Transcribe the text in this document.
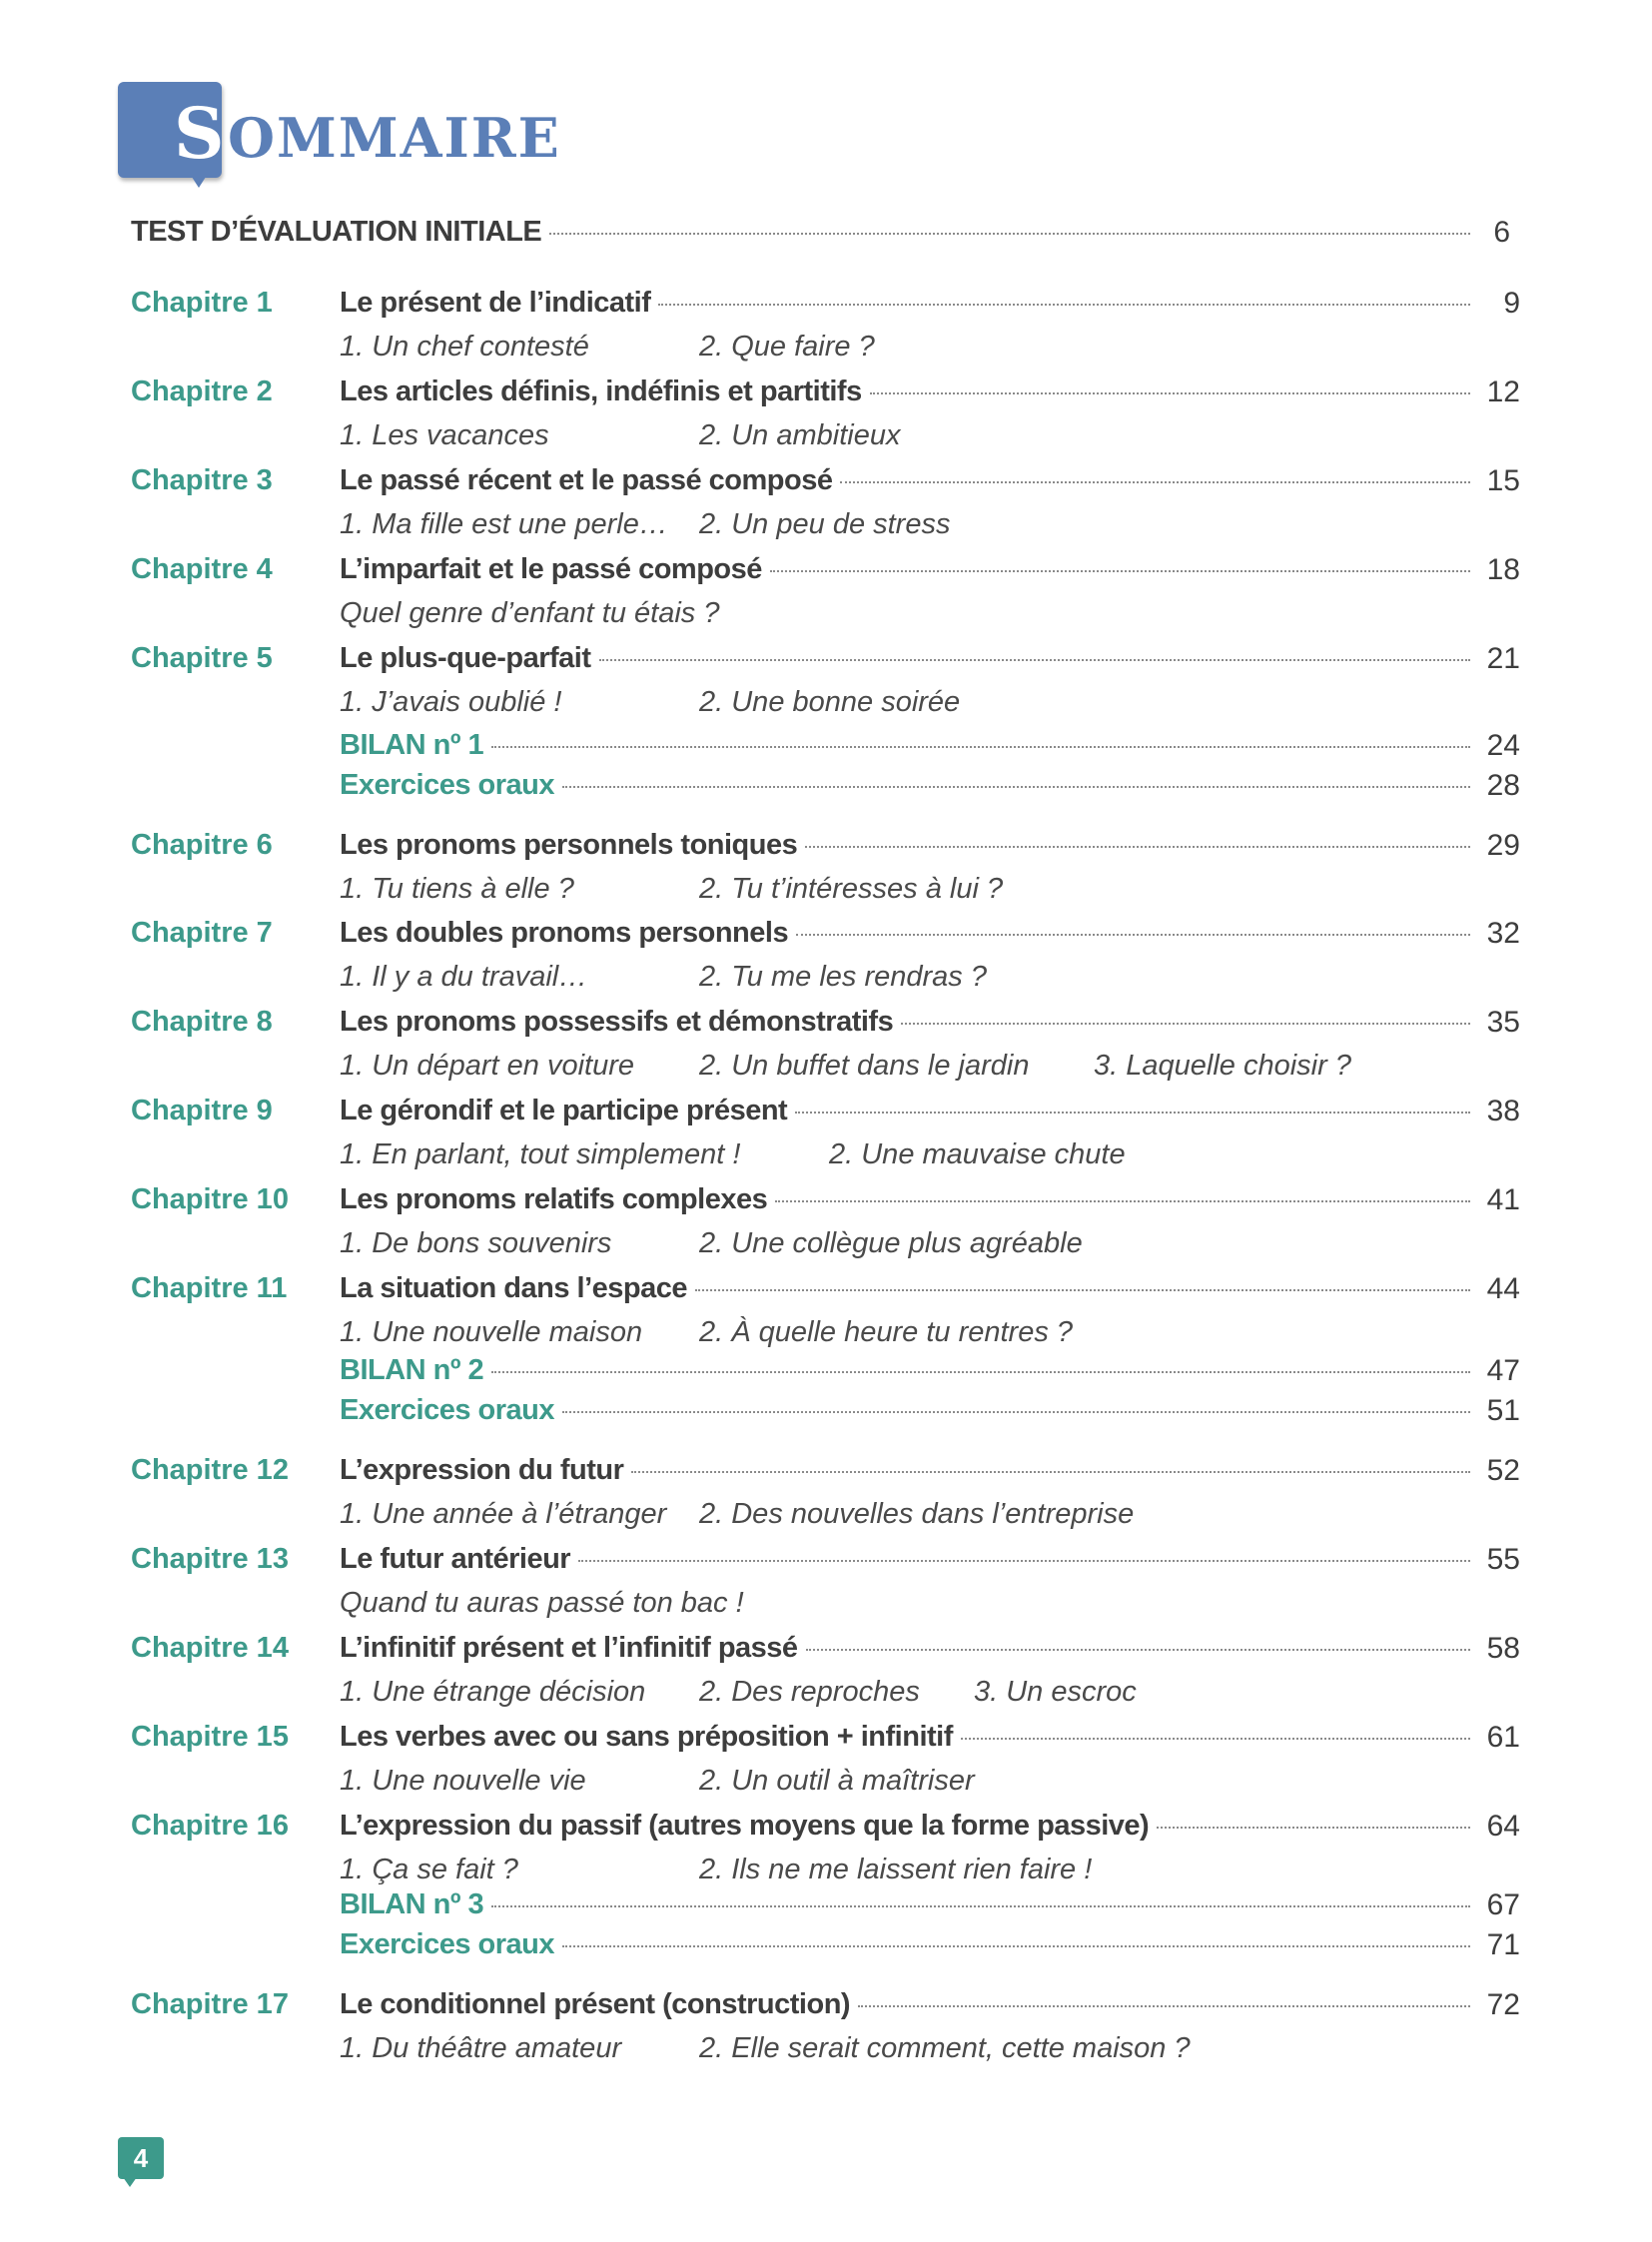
S OMMAIRE
TEST D’ÉVALUATION INITIALE	6
Chapitre 1 Le présent de l’indicatif	9
1. Un chef contesté	2. Que faire ?
Chapitre 2 Les articles définis, indéfinis et partitifs	12
1. Les vacances	2. Un ambitieux
Chapitre 3 Le passé récent et le passé composé	15
1. Ma fille est une perle… 2. Un peu de stress
Chapitre 4 L’imparfait et le passé composé	18
Quel genre d’enfant tu étais ?
Chapitre 5 Le plus-que-parfait	21
1. J’avais oublié !	2. Une bonne soirée
BILAN nº 1	24
Exercices oraux	28
Chapitre 6 Les pronoms personnels toniques	29
1. Tu tiens à elle ?	2. Tu t’intéresses à lui ?
Chapitre 7 Les doubles pronoms personnels	32
1. Il y a du travail…	2. Tu me les rendras ?
Chapitre 8 Les pronoms possessifs et démonstratifs	35
1. Un départ en voiture 2. Un buffet dans le jardin 3. Laquelle choisir ?
Chapitre 9 Le gérondif et le participe présent	38
1. En parlant, tout simplement !	2. Une mauvaise chute
Chapitre 10 Les pronoms relatifs complexes	41
1. De bons souvenirs	2. Une collègue plus agréable
Chapitre 11 La situation dans l’espace	44
1. Une nouvelle maison 2. À quelle heure tu rentres ?
BILAN nº 2	47
Exercices oraux	51
Chapitre 12 L’expression du futur	52
1. Une année à l’étranger 2. Des nouvelles dans l’entreprise
Chapitre 13 Le futur antérieur	55
Quand tu auras passé ton bac !
Chapitre 14 L’infinitif présent et l’infinitif passé	58
1. Une étrange décision 2. Des reproches 3. Un escroc
Chapitre 15 Les verbes avec ou sans préposition + infinitif	61
1. Une nouvelle vie	2. Un outil à maîtriser
Chapitre 16 L’expression du passif (autres moyens que la forme passive)	64
1. Ça se fait ?	2. Ils ne me laissent rien faire !
BILAN nº 3	67
Exercices oraux	71
Chapitre 17 Le conditionnel présent (construction)	72
1. Du théâtre amateur	2. Elle serait comment, cette maison ?
4
